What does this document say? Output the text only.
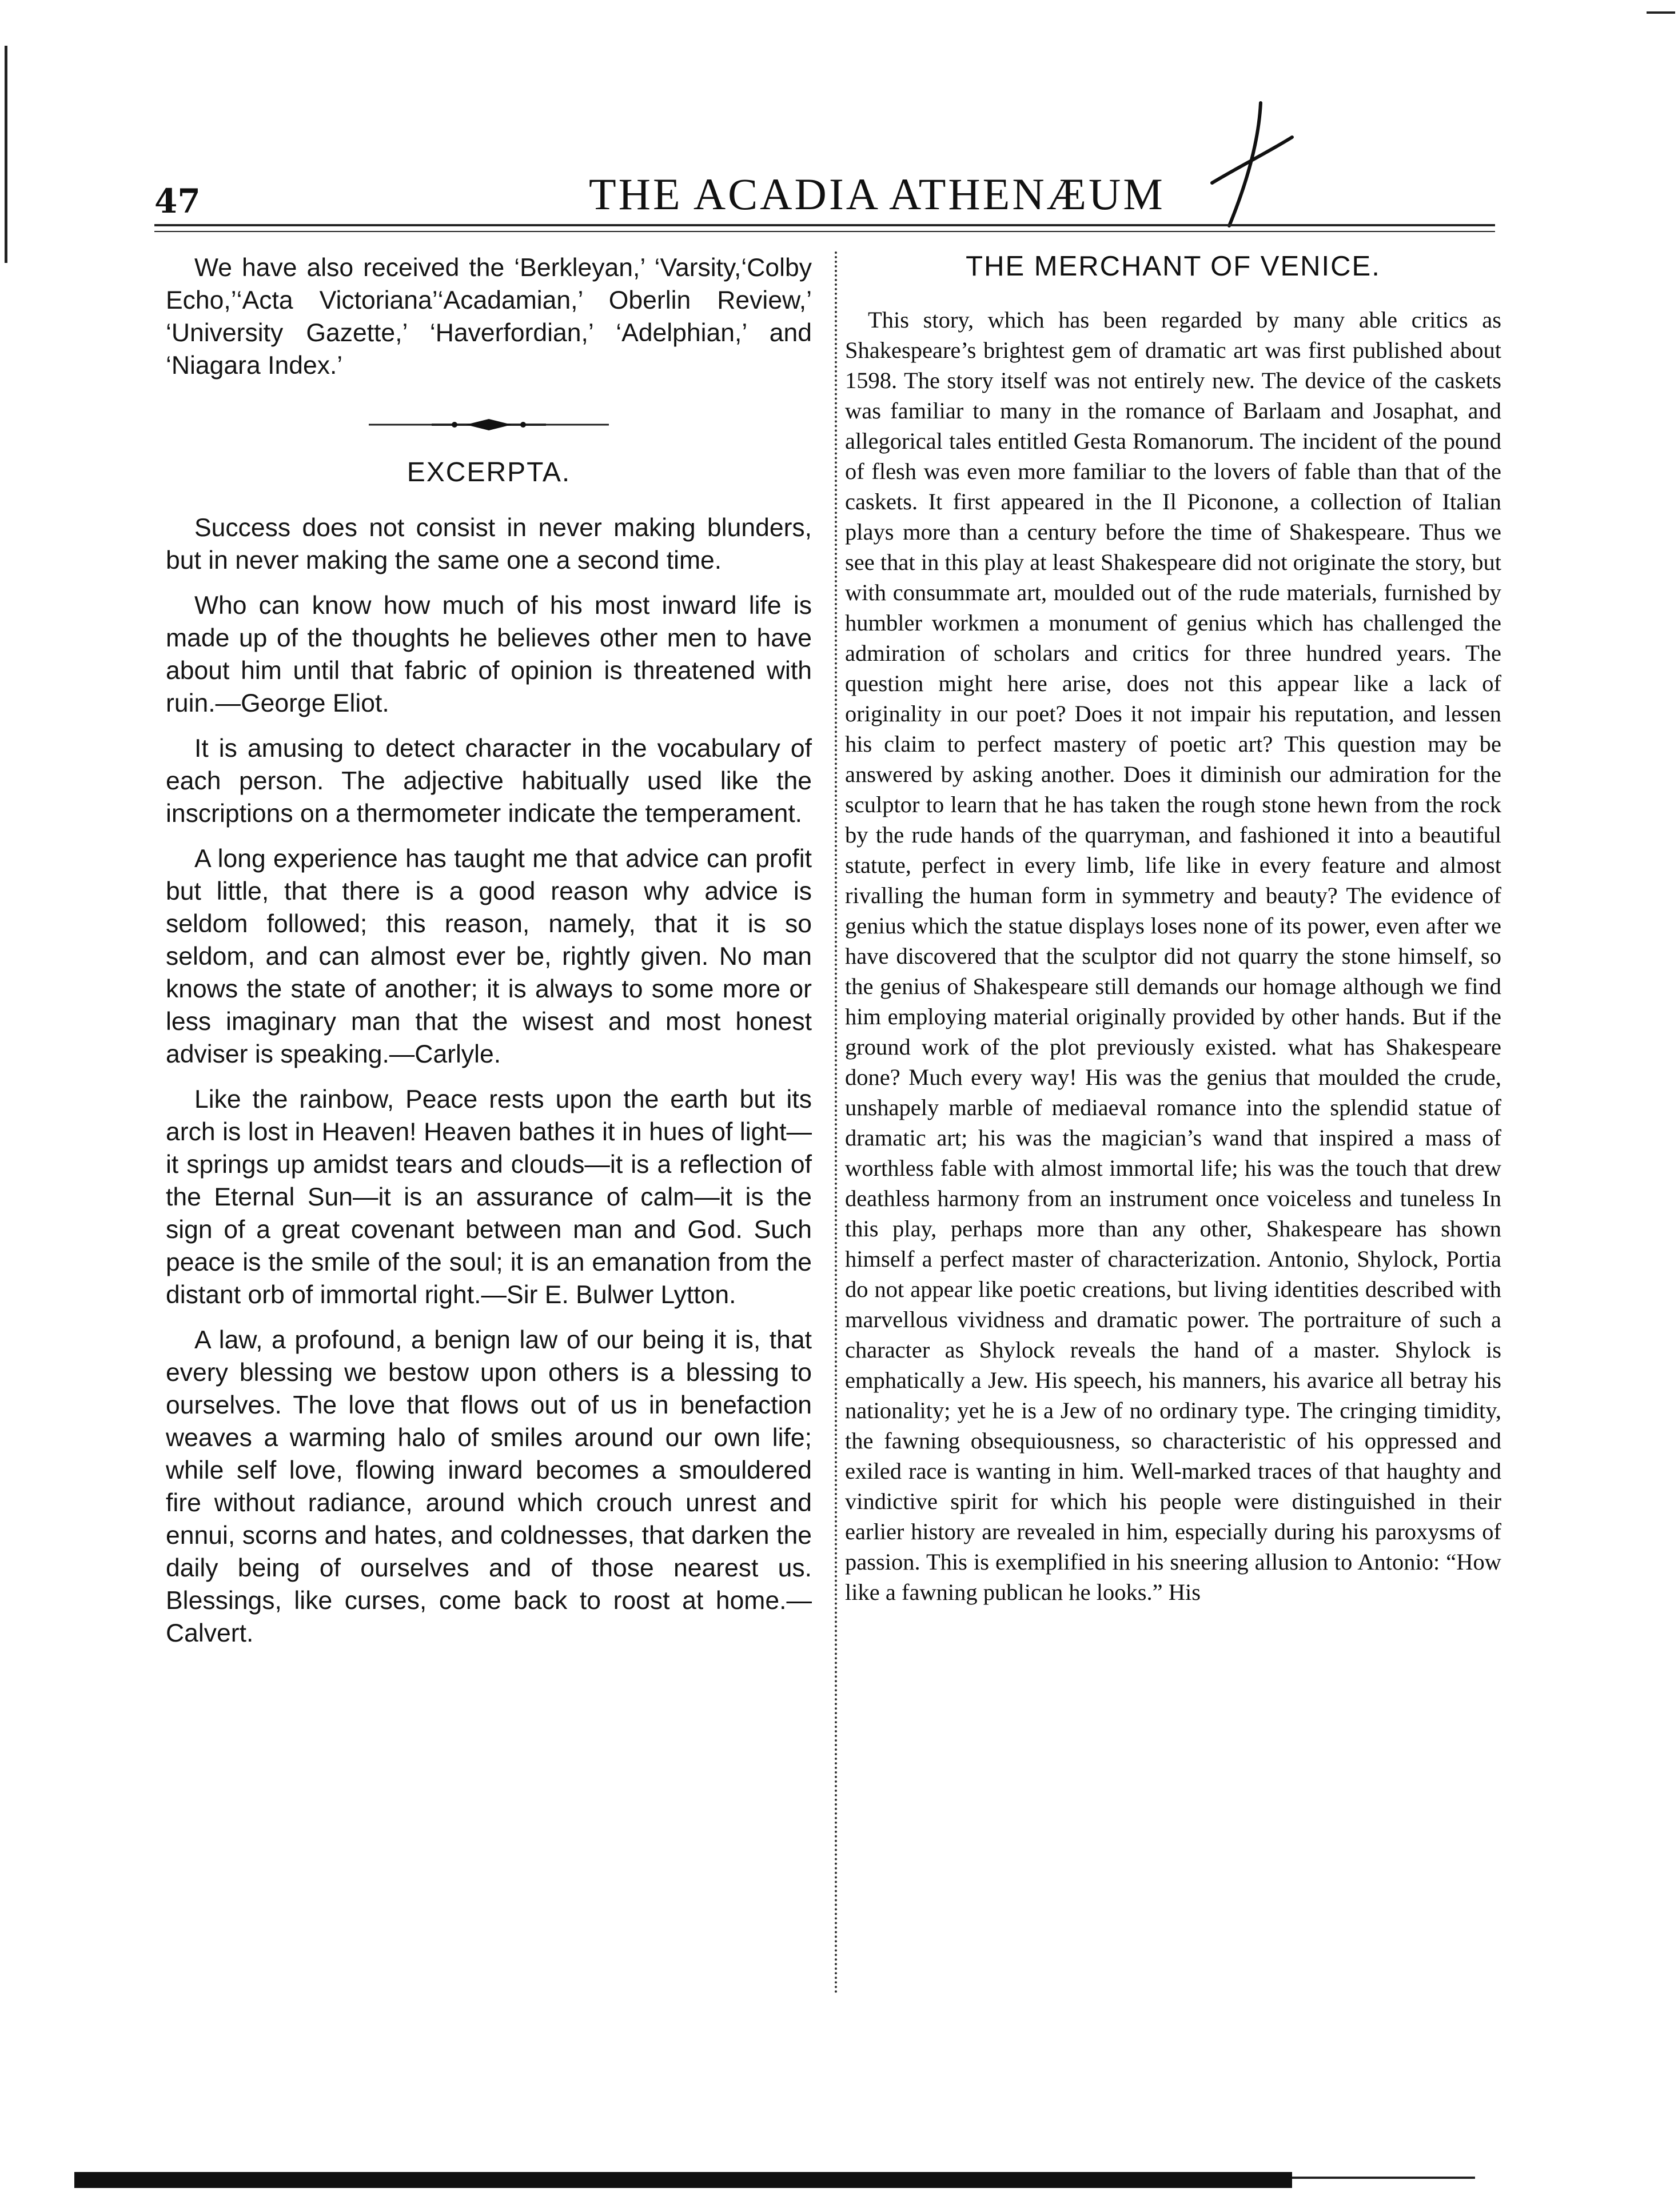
47	THE ACADIA ATHENÆUM

We have also received the ‘Berkleyan,’ ‘Varsity,‘Colby Echo,’‘Acta Victoriana’‘Acadamian,’ Oberlin Review,’ ‘University Gazette,’ ‘Haverfordian,’ ‘Adelphian,’ and ‘Niagara Index.’

EXCERPTA.

Success does not consist in never making blunders, but in never making the same one a second time.

Who can know how much of his most inward life is made up of the thoughts he believes other men to have about him until that fabric of opinion is threatened with ruin.—George Eliot.

It is amusing to detect character in the vocabulary of each person. The adjective habitually used like the inscriptions on a thermometer indicate the temperament.

A long experience has taught me that advice can profit but little, that there is a good reason why advice is seldom followed; this reason, namely, that it is so seldom, and can almost ever be, rightly given. No man knows the state of another; it is always to some more or less imaginary man that the wisest and most honest adviser is speaking.—Carlyle.

Like the rainbow, Peace rests upon the earth but its arch is lost in Heaven! Heaven bathes it in hues of light—it springs up amidst tears and clouds—it is a reflection of the Eternal Sun—it is an assurance of calm—it is the sign of a great covenant between man and God. Such peace is the smile of the soul; it is an emanation from the distant orb of immortal right.—Sir E. Bulwer Lytton.

A law, a profound, a benign law of our being it is, that every blessing we bestow upon others is a blessing to ourselves. The love that flows out of us in benefaction weaves a warming halo of smiles around our own life; while self love, flowing inward becomes a smouldered fire without radiance, around which crouch unrest and ennui, scorns and hates, and coldnesses, that darken the daily being of ourselves and of those nearest us. Blessings, like curses, come back to roost at home.—Calvert.

THE MERCHANT OF VENICE.

This story, which has been regarded by many able critics as Shakespeare’s brightest gem of dramatic art was first published about 1598. The story itself was not entirely new. The device of the caskets was familiar to many in the romance of Barlaam and Josaphat, and allegorical tales entitled Gesta Romanorum. The incident of the pound of flesh was even more familiar to the lovers of fable than that of the caskets. It first appeared in the Il Piconone, a collection of Italian plays more than a century before the time of Shakespeare. Thus we see that in this play at least Shakespeare did not originate the story, but with consummate art, moulded out of the rude materials, furnished by humbler workmen a monument of genius which has challenged the admiration of scholars and critics for three hundred years. The question might here arise, does not this appear like a lack of originality in our poet? Does it not impair his reputation, and lessen his claim to perfect mastery of poetic art? This question may be answered by asking another. Does it diminish our admiration for the sculptor to learn that he has taken the rough stone hewn from the rock by the rude hands of the quarryman, and fashioned it into a beautiful statute, perfect in every limb, life like in every feature and almost rivalling the human form in symmetry and beauty? The evidence of genius which the statue displays loses none of its power, even after we have discovered that the sculptor did not quarry the stone himself, so the genius of Shakespeare still demands our homage although we find him employing material originally provided by other hands. But if the ground work of the plot previously existed. what has Shakespeare done? Much every way! His was the genius that moulded the crude, unshapely marble of mediaeval romance into the splendid statue of dramatic art; his was the magician’s wand that inspired a mass of worthless fable with almost immortal life; his was the touch that drew deathless harmony from an instrument once voiceless and tuneless In this play, perhaps more than any other, Shakespeare has shown himself a perfect master of characterization. Antonio, Shylock, Portia do not appear like poetic creations, but living identities described with marvellous vividness and dramatic power. The portraiture of such a character as Shylock reveals the hand of a master. Shylock is emphatically a Jew. His speech, his manners, his avarice all betray his nationality; yet he is a Jew of no ordinary type. The cringing timidity, the fawning obsequiousness, so characteristic of his oppressed and exiled race is wanting in him. Well-marked traces of that haughty and vindictive spirit for which his people were distinguished in their earlier history are revealed in him, especially during his paroxysms of passion. This is exemplified in his sneering allusion to Antonio: “How like a fawning publican he looks.” His
